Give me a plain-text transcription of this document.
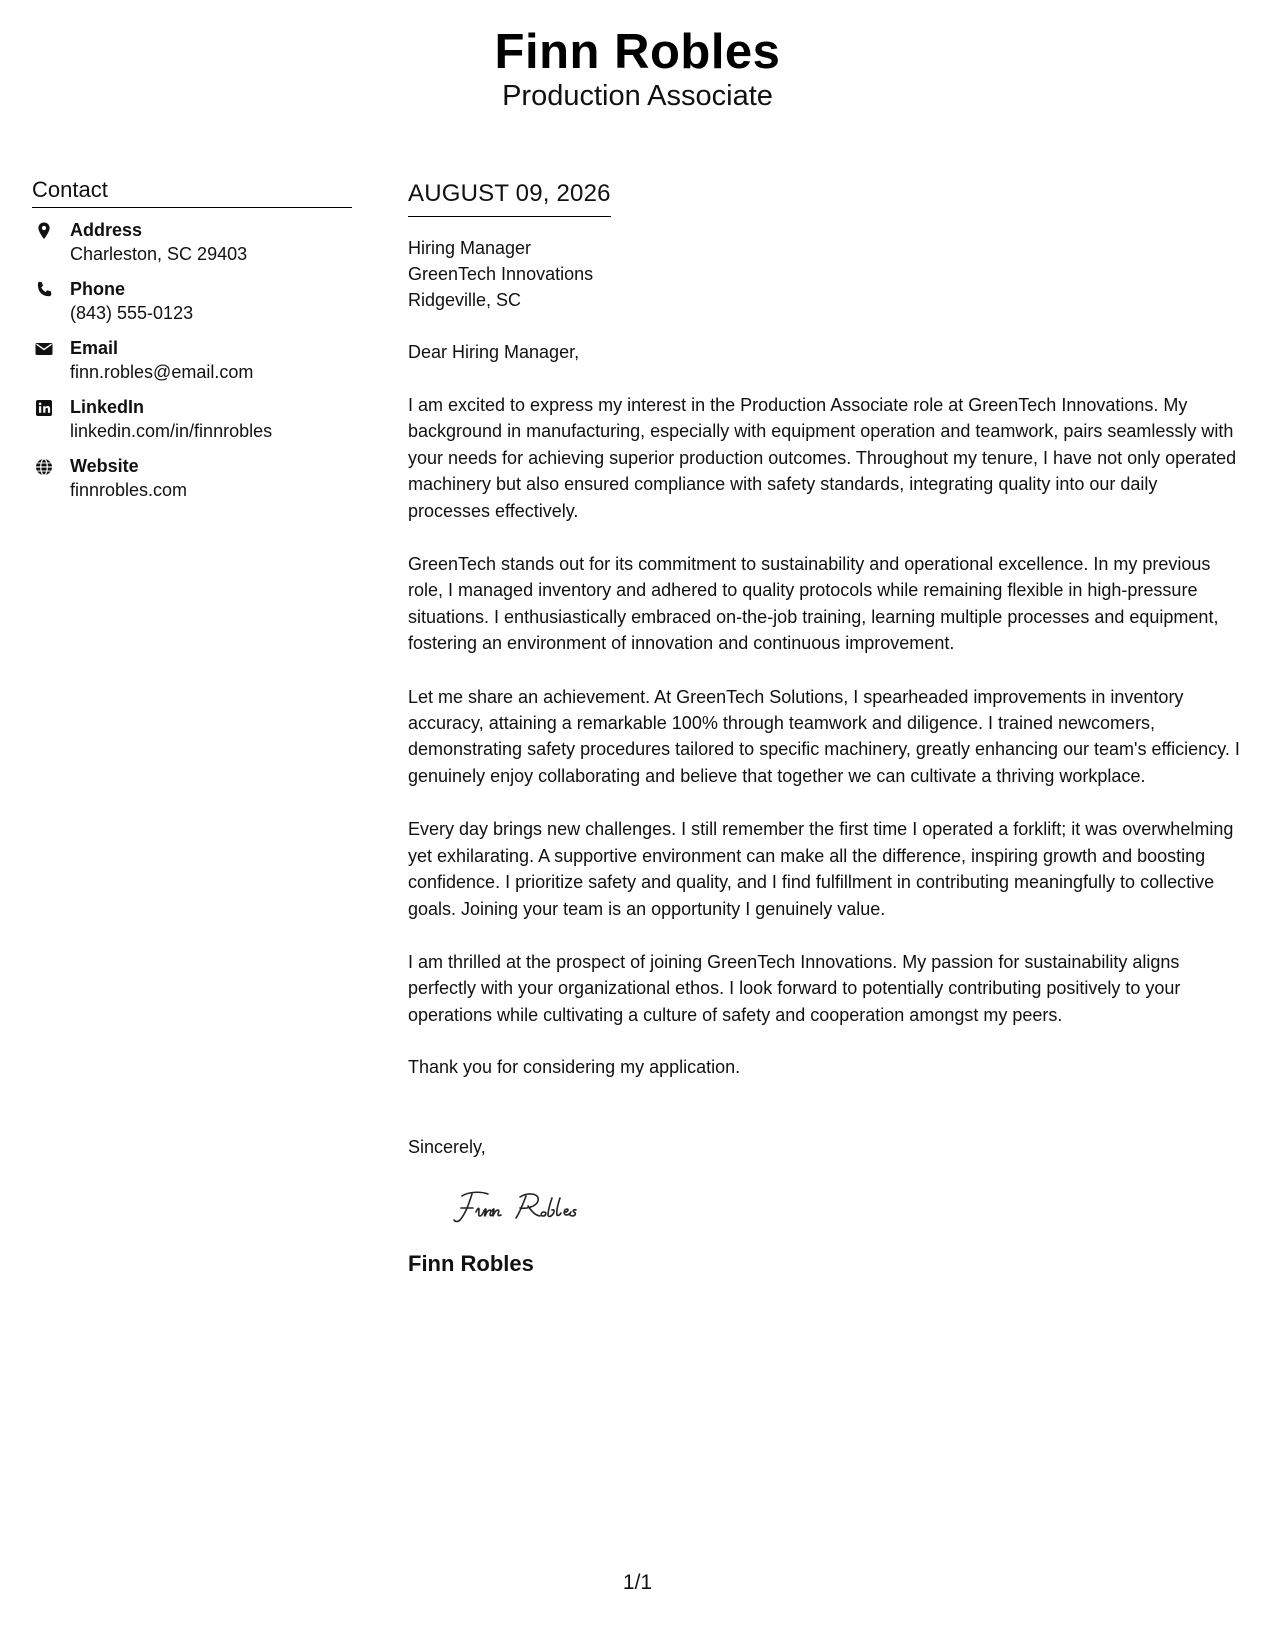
Finn Robles
Production Associate
Contact
Address
Charleston, SC 29403
Phone
(843) 555-0123
Email
finn.robles@email.com
LinkedIn
linkedin.com/in/finnrobles
Website
finnrobles.com
AUGUST 09, 2026
Hiring Manager
GreenTech Innovations
Ridgeville, SC
Dear Hiring Manager,
I am excited to express my interest in the Production Associate role at GreenTech Innovations. My background in manufacturing, especially with equipment operation and teamwork, pairs seamlessly with your needs for achieving superior production outcomes. Throughout my tenure, I have not only operated machinery but also ensured compliance with safety standards, integrating quality into our daily processes effectively.
GreenTech stands out for its commitment to sustainability and operational excellence. In my previous role, I managed inventory and adhered to quality protocols while remaining flexible in high-pressure situations. I enthusiastically embraced on-the-job training, learning multiple processes and equipment, fostering an environment of innovation and continuous improvement.
Let me share an achievement. At GreenTech Solutions, I spearheaded improvements in inventory accuracy, attaining a remarkable 100% through teamwork and diligence. I trained newcomers, demonstrating safety procedures tailored to specific machinery, greatly enhancing our team's efficiency. I genuinely enjoy collaborating and believe that together we can cultivate a thriving workplace.
Every day brings new challenges. I still remember the first time I operated a forklift; it was overwhelming yet exhilarating. A supportive environment can make all the difference, inspiring growth and boosting confidence. I prioritize safety and quality, and I find fulfillment in contributing meaningfully to collective goals. Joining your team is an opportunity I genuinely value.
I am thrilled at the prospect of joining GreenTech Innovations. My passion for sustainability aligns perfectly with your organizational ethos. I look forward to potentially contributing positively to your operations while cultivating a culture of safety and cooperation amongst my peers.
Thank you for considering my application.
Sincerely,
Finn Robles
1/1
